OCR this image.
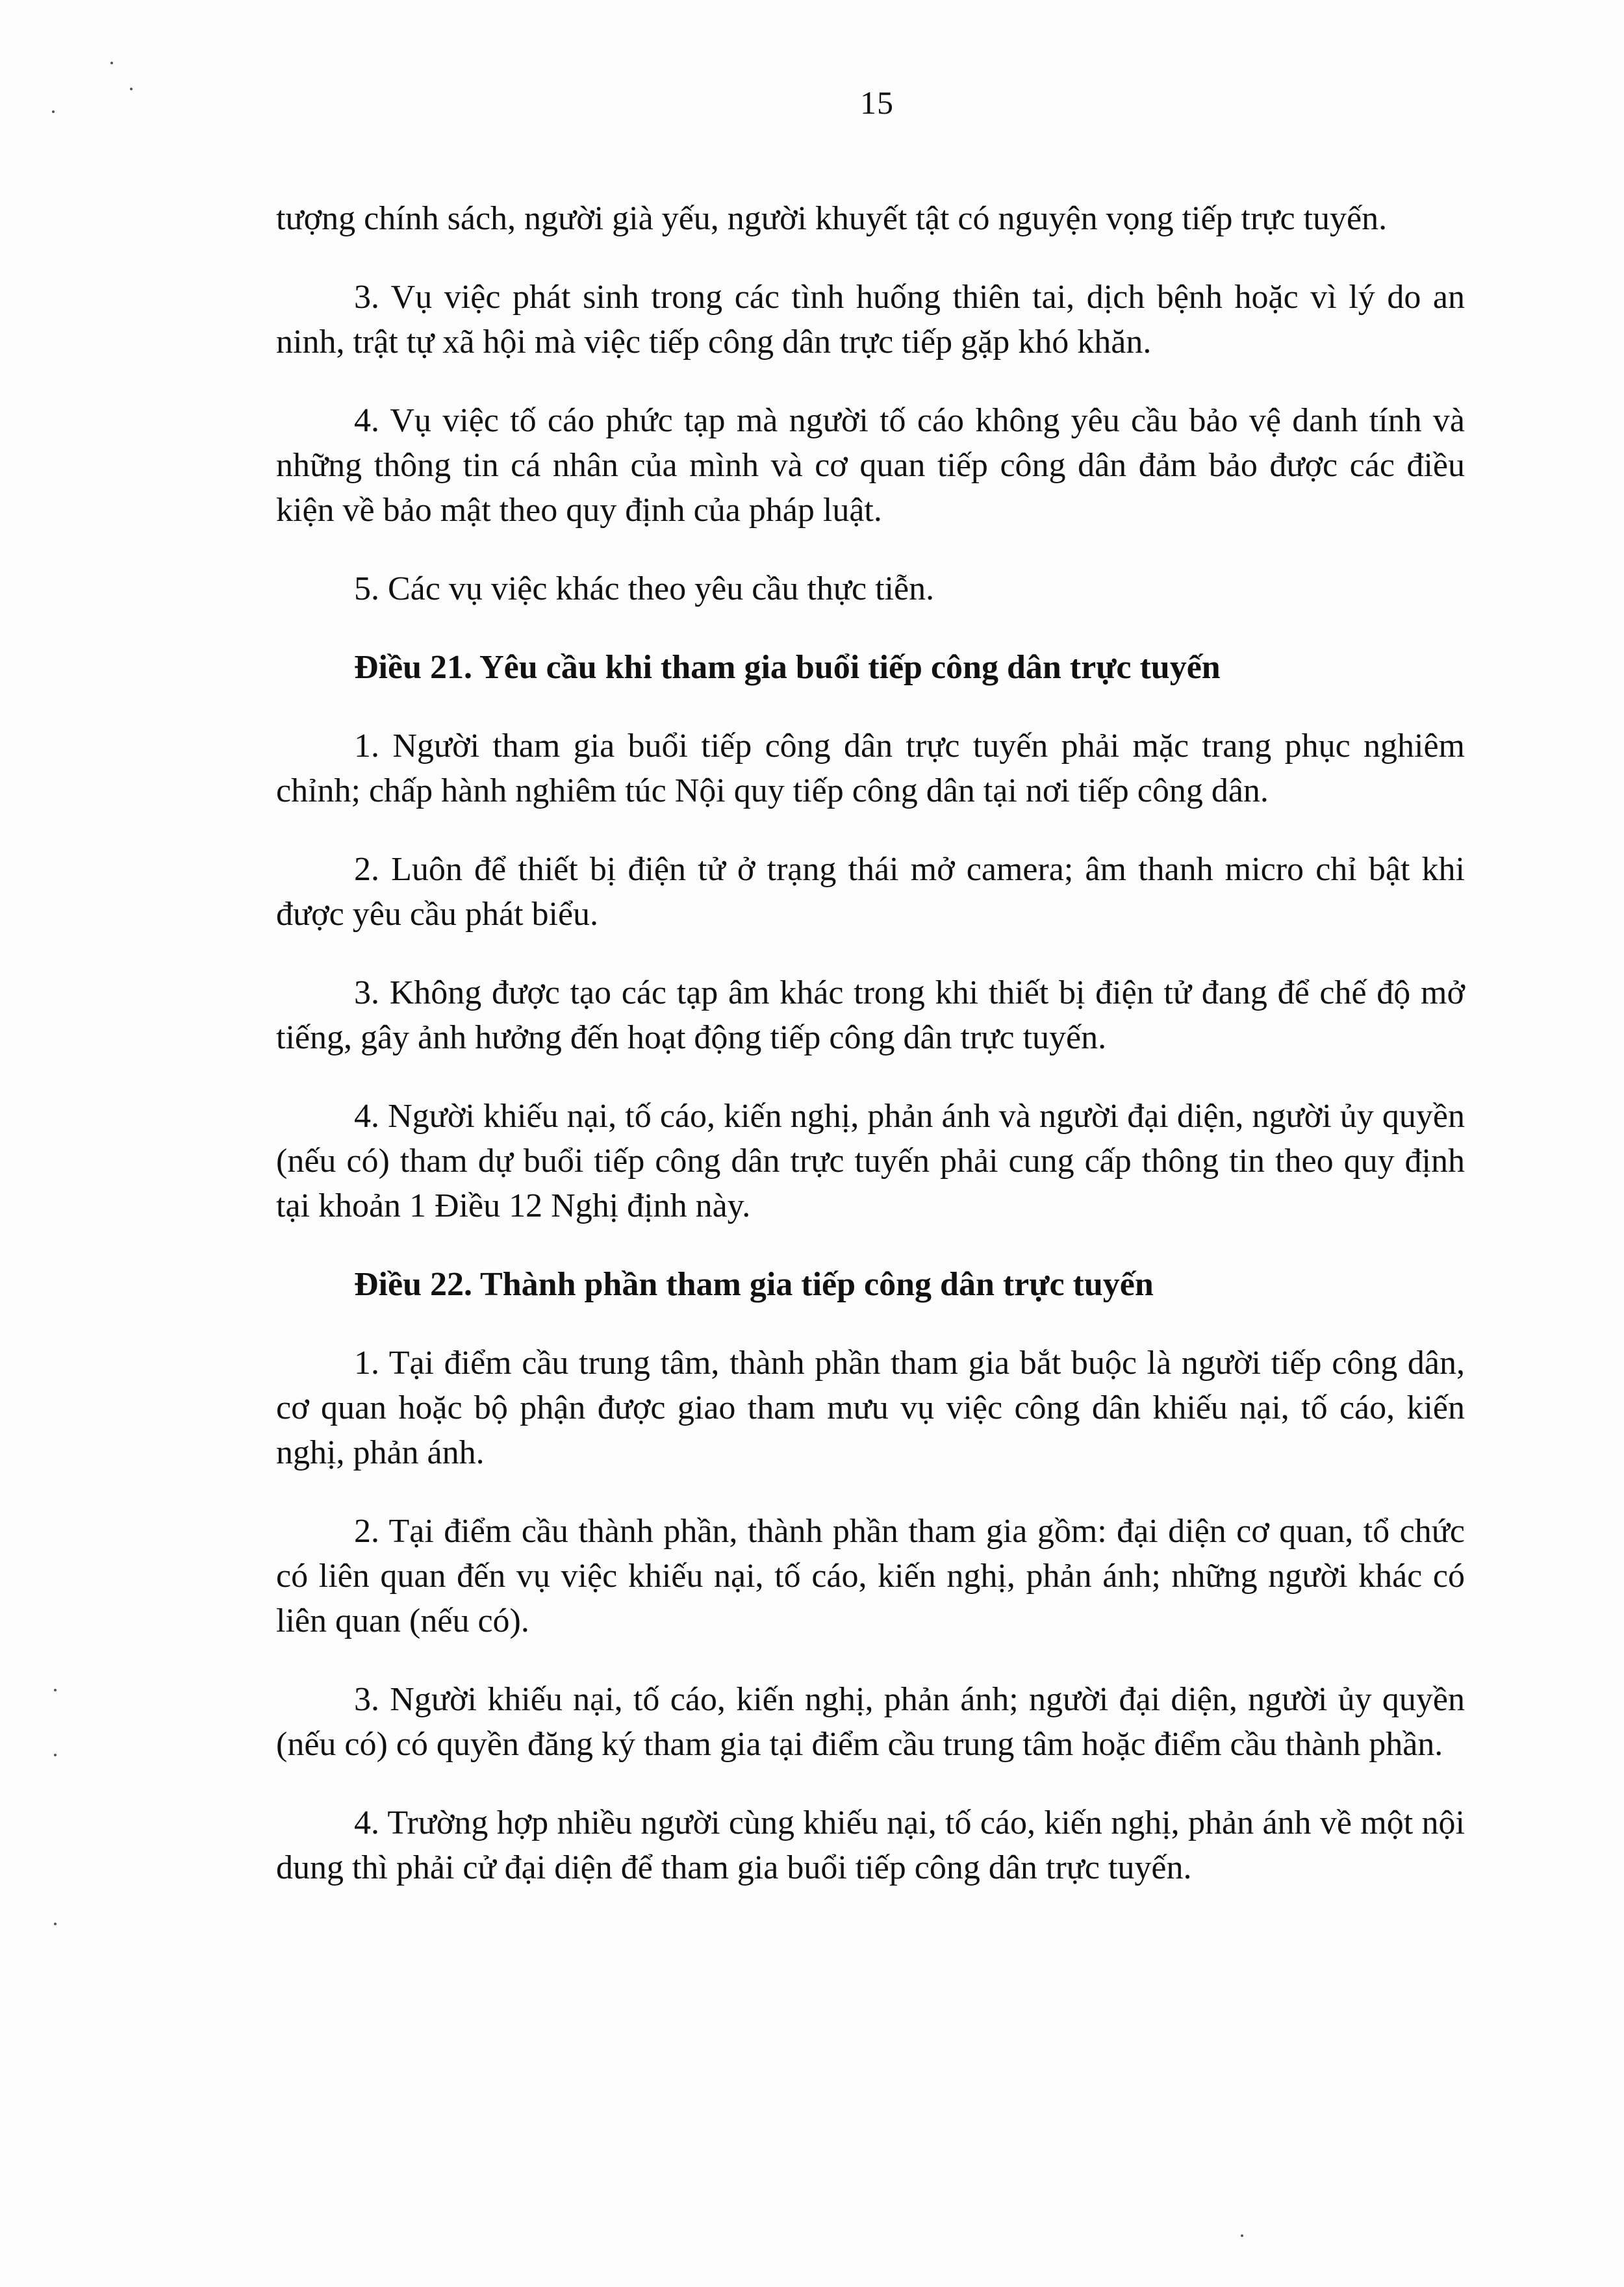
15

tượng chính sách, người già yếu, người khuyết tật có nguyện vọng tiếp trực tuyến.

3. Vụ việc phát sinh trong các tình huống thiên tai, dịch bệnh hoặc vì lý do an ninh, trật tự xã hội mà việc tiếp công dân trực tiếp gặp khó khăn.

4. Vụ việc tố cáo phức tạp mà người tố cáo không yêu cầu bảo vệ danh tính và những thông tin cá nhân của mình và cơ quan tiếp công dân đảm bảo được các điều kiện về bảo mật theo quy định của pháp luật.

5. Các vụ việc khác theo yêu cầu thực tiễn.

Điều 21. Yêu cầu khi tham gia buổi tiếp công dân trực tuyến

1. Người tham gia buổi tiếp công dân trực tuyến phải mặc trang phục nghiêm chỉnh; chấp hành nghiêm túc Nội quy tiếp công dân tại nơi tiếp công dân.

2. Luôn để thiết bị điện tử ở trạng thái mở camera; âm thanh micro chỉ bật khi được yêu cầu phát biểu.

3. Không được tạo các tạp âm khác trong khi thiết bị điện tử đang để chế độ mở tiếng, gây ảnh hưởng đến hoạt động tiếp công dân trực tuyến.

4. Người khiếu nại, tố cáo, kiến nghị, phản ánh và người đại diện, người ủy quyền (nếu có) tham dự buổi tiếp công dân trực tuyến phải cung cấp thông tin theo quy định tại khoản 1 Điều 12 Nghị định này.

Điều 22. Thành phần tham gia tiếp công dân trực tuyến

1. Tại điểm cầu trung tâm, thành phần tham gia bắt buộc là người tiếp công dân, cơ quan hoặc bộ phận được giao tham mưu vụ việc công dân khiếu nại, tố cáo, kiến nghị, phản ánh.

2. Tại điểm cầu thành phần, thành phần tham gia gồm: đại diện cơ quan, tổ chức có liên quan đến vụ việc khiếu nại, tố cáo, kiến nghị, phản ánh; những người khác có liên quan (nếu có).

3. Người khiếu nại, tố cáo, kiến nghị, phản ánh; người đại diện, người ủy quyền (nếu có) có quyền đăng ký tham gia tại điểm cầu trung tâm hoặc điểm cầu thành phần.

4. Trường hợp nhiều người cùng khiếu nại, tố cáo, kiến nghị, phản ánh về một nội dung thì phải cử đại diện để tham gia buổi tiếp công dân trực tuyến.
